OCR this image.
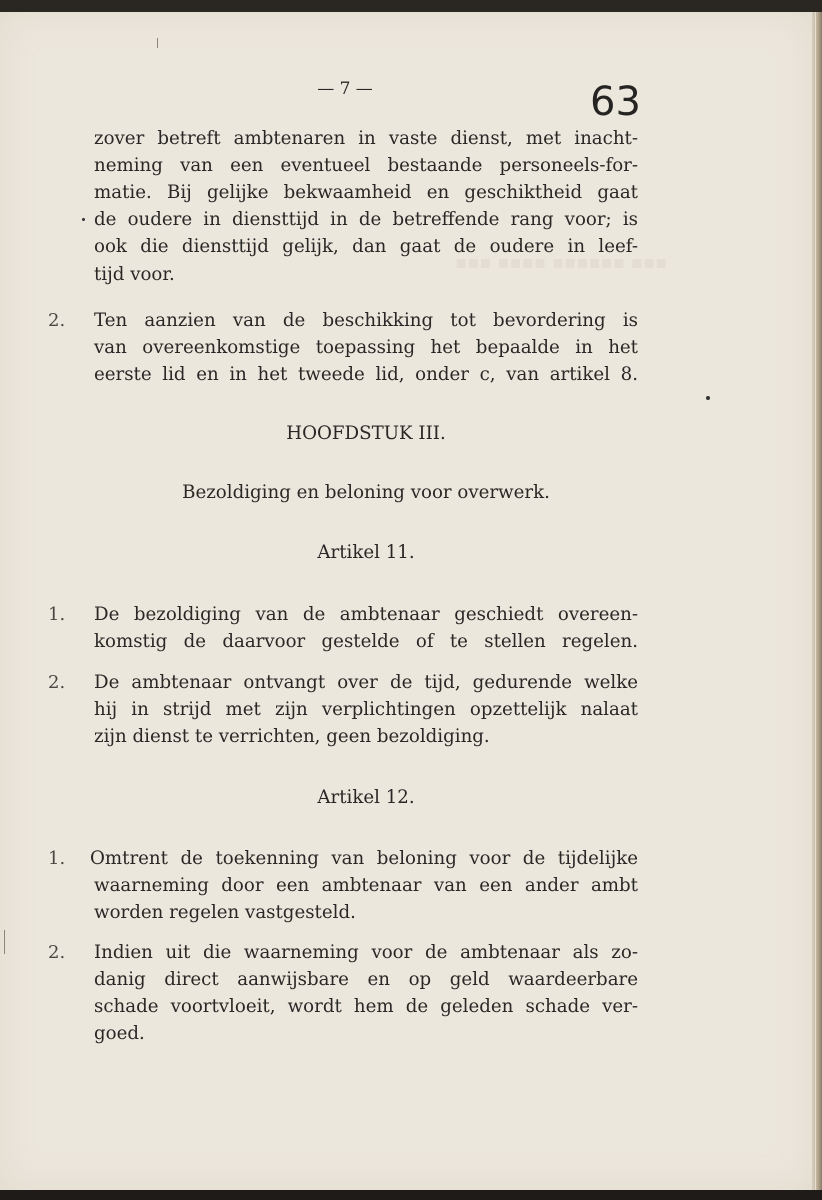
▪▪▪ ▪▪▪▪ ▪▪▪▪▪▪ ▪▪▪
— 7 —	63
zover betreft ambtenaren in vaste dienst, met inacht-
neming van een eventueel bestaande personeels-for-
matie. Bij gelijke bekwaamheid en geschiktheid gaat
de oudere in diensttijd in de betreffende rang voor; is
ook die diensttijd gelijk, dan gaat de oudere in leef-
tijd voor.
2. Ten aanzien van de beschikking tot bevordering is
van overeenkomstige toepassing het bepaalde in het
eerste lid en in het tweede lid, onder c, van artikel 8.
HOOFDSTUK III.
Bezoldiging en beloning voor overwerk.
Artikel 11.
1. De bezoldiging van de ambtenaar geschiedt overeen-
komstig de daarvoor gestelde of te stellen regelen.
2. De ambtenaar ontvangt over de tijd, gedurende welke
hij in strijd met zijn verplichtingen opzettelijk nalaat
zijn dienst te verrichten, geen bezoldiging.
Artikel 12.
1. Omtrent de toekenning van beloning voor de tijdelijke
waarneming door een ambtenaar van een ander ambt
worden regelen vastgesteld.
2. Indien uit die waarneming voor de ambtenaar als zo-
danig direct aanwijsbare en op geld waardeerbare
schade voortvloeit, wordt hem de geleden schade ver-
goed.
